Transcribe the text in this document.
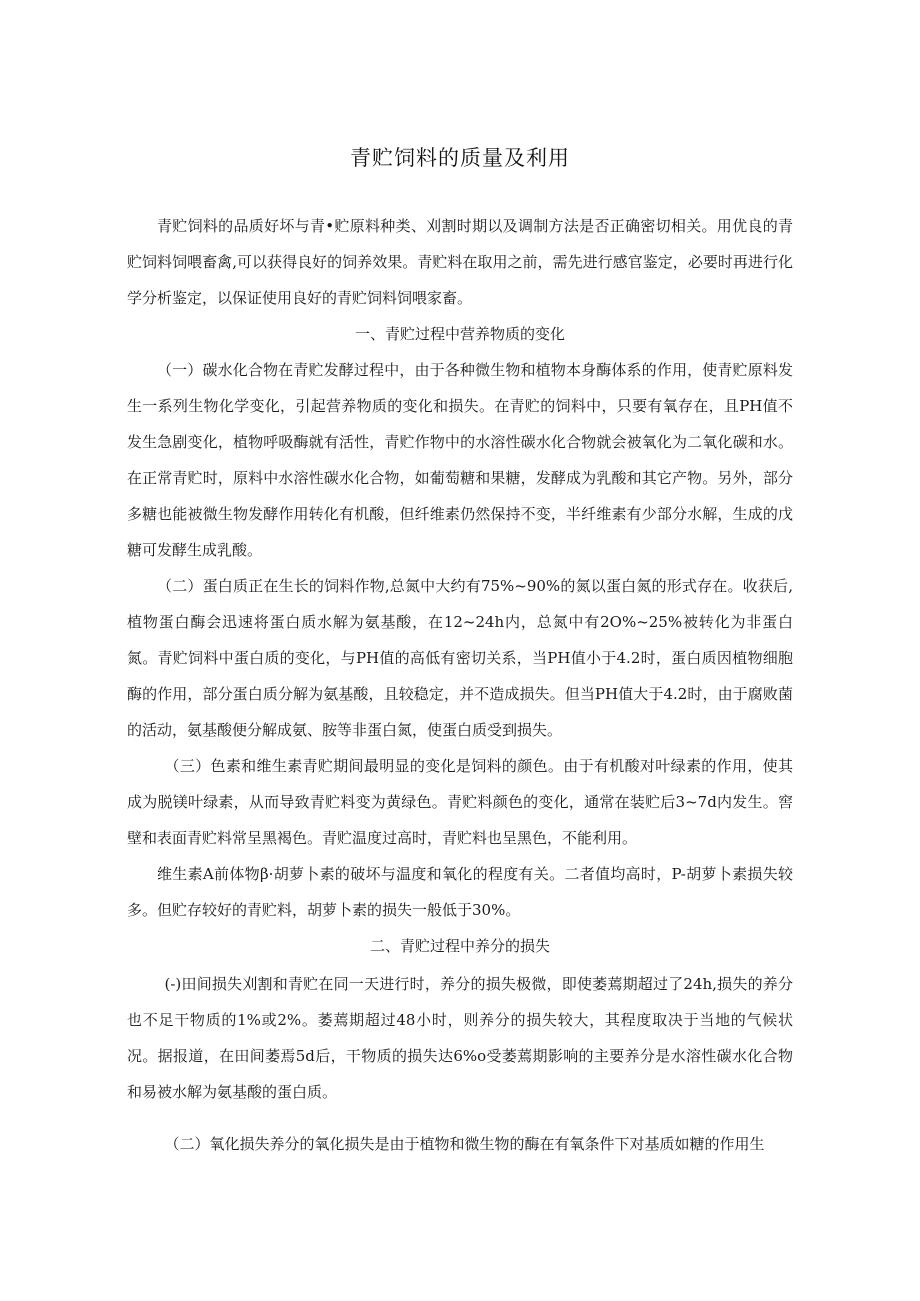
青贮饲料的质量及利用

青贮饲料的品质好坏与青•贮原料种类、刈割时期以及调制方法是否正确密切相关。用优良的青贮饲料饲喂畜禽,可以获得良好的饲养效果。青贮料在取用之前，需先进行感官鉴定，必要时再进行化学分析鉴定，以保证使用良好的青贮饲料饲喂家畜。

一、青贮过程中营养物质的变化

（一）碳水化合物在青贮发酵过程中，由于各种微生物和植物本身酶体系的作用，使青贮原料发生一系列生物化学变化，引起营养物质的变化和损失。在青贮的饲料中，只要有氧存在，且PH值不发生急剧变化，植物呼吸酶就有活性，青贮作物中的水溶性碳水化合物就会被氧化为二氧化碳和水。在正常青贮时，原料中水溶性碳水化合物，如葡萄糖和果糖，发酵成为乳酸和其它产物。另外，部分多糖也能被微生物发酵作用转化有机酸，但纤维素仍然保持不变，半纤维素有少部分水解，生成的戊糖可发酵生成乳酸。

（二）蛋白质正在生长的饲料作物,总氮中大约有75%~90%的氮以蛋白氮的形式存在。收获后,植物蛋白酶会迅速将蛋白质水解为氨基酸，在12~24h内，总氮中有2O%~25%被转化为非蛋白氮。青贮饲料中蛋白质的变化，与PH值的高低有密切关系，当PH值小于4.2时，蛋白质因植物细胞酶的作用，部分蛋白质分解为氨基酸，且较稳定，并不造成损失。但当PH值大于4.2时，由于腐败菌的活动，氨基酸便分解成氨、胺等非蛋白氮，使蛋白质受到损失。

（三）色素和维生素青贮期间最明显的变化是饲料的颜色。由于有机酸对叶绿素的作用，使其成为脱镁叶绿素，从而导致青贮料变为黄绿色。青贮料颜色的变化，通常在装贮后3~7d内发生。窖壁和表面青贮料常呈黑褐色。青贮温度过高时，青贮料也呈黑色，不能利用。

维生素A前体物β·胡萝卜素的破坏与温度和氧化的程度有关。二者值均高时，P-胡萝卜素损失较多。但贮存较好的青贮料，胡萝卜素的损失一般低于30%。

二、青贮过程中养分的损失

(-)田间损失刈割和青贮在同一天进行时，养分的损失极微，即使萎蔫期超过了24h,损失的养分也不足干物质的1%或2%。萎蔫期超过48小时，则养分的损失较大，其程度取决于当地的气候状况。据报道，在田间萎焉5d后，干物质的损失达6%o受萎蔫期影响的主要养分是水溶性碳水化合物和易被水解为氨基酸的蛋白质。

（二）氧化损失养分的氧化损失是由于植物和微生物的酶在有氧条件下对基质如糖的作用生
